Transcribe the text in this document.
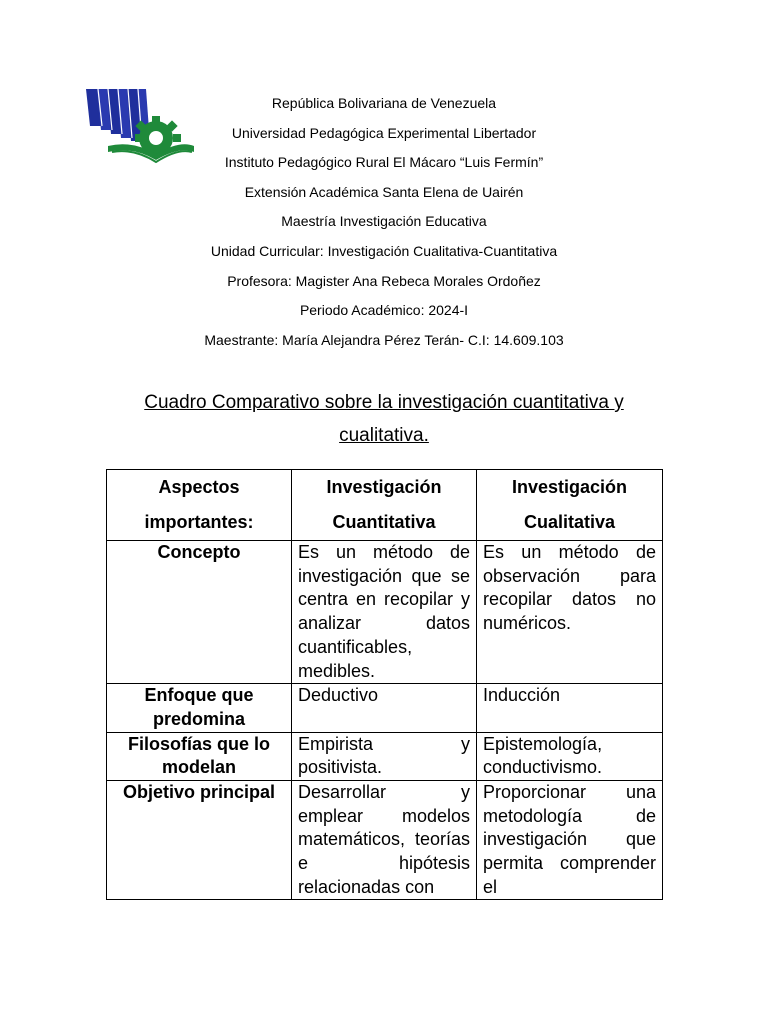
República Bolivariana de Venezuela
Universidad Pedagógica Experimental Libertador
Instituto Pedagógico Rural El Mácaro “Luis Fermín”
Extensión Académica Santa Elena de Uairén
Maestría Investigación Educativa
Unidad Curricular: Investigación Cualitativa-Cuantitativa
Profesora: Magister Ana Rebeca Morales Ordoñez
Periodo Académico: 2024-I
Maestrante: María Alejandra Pérez Terán- C.I: 14.609.103
Cuadro Comparativo sobre la investigación cuantitativa y cualitativa.
Aspectos importantes:	Investigación Cuantitativa	Investigación Cualitativa
Concepto	Es un método de investigación que se centra en recopilar y analizar datos cuantificables, medibles.	Es un método de observación para recopilar datos no numéricos.
Enfoque que predomina	Deductivo	Inducción
Filosofías que lo modelan	Empirista y positivista.	Epistemología, conductivismo.
Objetivo principal	Desarrollar y emplear modelos matemáticos, teorías e hipótesis relacionadas con	Proporcionar una metodología de investigación que permita comprender el
